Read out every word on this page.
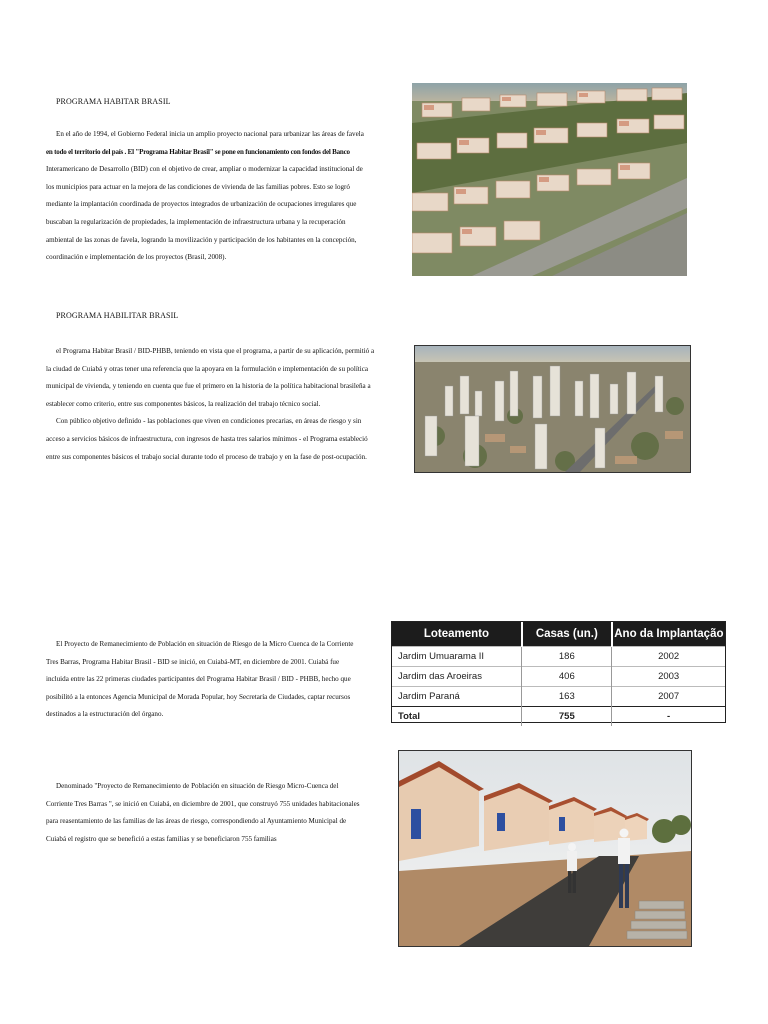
PROGRAMA HABITAR BRASIL

En el año de 1994, el Gobierno Federal inicia un amplio proyecto nacional para urbanizar las áreas de favela

en todo el territorio del país . El "Programa Habitar Brasil" se pone en funcionamiento con fondos del Banco

Interamericano de Desarrollo (BID) con el objetivo de crear, ampliar o modernizar la capacidad institucional de

los municipios para actuar en la mejora de las condiciones de vivienda de las familias pobres. Esto se logró

mediante la implantación coordinada de proyectos integrados de urbanización de ocupaciones irregulares que

buscaban la regularización de propiedades, la implementación de infraestructura urbana y la recuperación

ambiental de las zonas de favela, logrando la movilización y participación de los habitantes en la concepción,

coordinación e implementación de los proyectos (Brasil, 2008).

PROGRAMA HABILITAR BRASIL

el Programa Habitar Brasil / BID-PHBB, teniendo en vista que el programa, a partir de su aplicación, permitió a

la ciudad de Cuiabá y otras tener una referencia que la apoyara en la formulación e implementación de su política

municipal de vivienda, y teniendo en cuenta que fue el primero en la historia de la política habitacional brasileña a

establecer como criterio, entre sus componentes básicos, la realización del trabajo técnico social.

Con público objetivo definido - las poblaciones que viven en condiciones precarias, en áreas de riesgo y sin

acceso a servicios básicos de infraestructura, con ingresos de hasta tres salarios mínimos - el Programa estableció

entre sus componentes básicos el trabajo social durante todo el proceso de trabajo y en la fase de post-ocupación.

El Proyecto de Remanecimiento de Población en situación de Riesgo de la Micro Cuenca de la Corriente

Tres Barras, Programa Habitar Brasil - BID se inició, en Cuiabá-MT, en diciembre de 2001. Cuiabá fue

incluida entre las 22 primeras ciudades participantes del Programa Habitar Brasil / BID - PHBB, hecho que

posibilitó a la entonces Agencia Municipal de Morada Popular, hoy Secretaría de Ciudades, captar recursos

destinados a la estructuración del órgano.

Loteamento	Casas (un.)	Ano da Implantação
Jardim Umuarama II	186	2002
Jardim das Aroeiras	406	2003
Jardim Paraná	163	2007
Total	755	-

Denominado "Proyecto de Remanecimiento de Población en situación de Riesgo Micro-Cuenca del

Corriente Tres Barras ", se inició en Cuiabá, en diciembre de 2001, que construyó 755 unidades habitacionales

para reasentamiento de las familias de las áreas de riesgo, correspondiendo al Ayuntamiento Municipal de

Cuiabá el registro que se benefició a estas familias y se beneficiaron 755 familias
